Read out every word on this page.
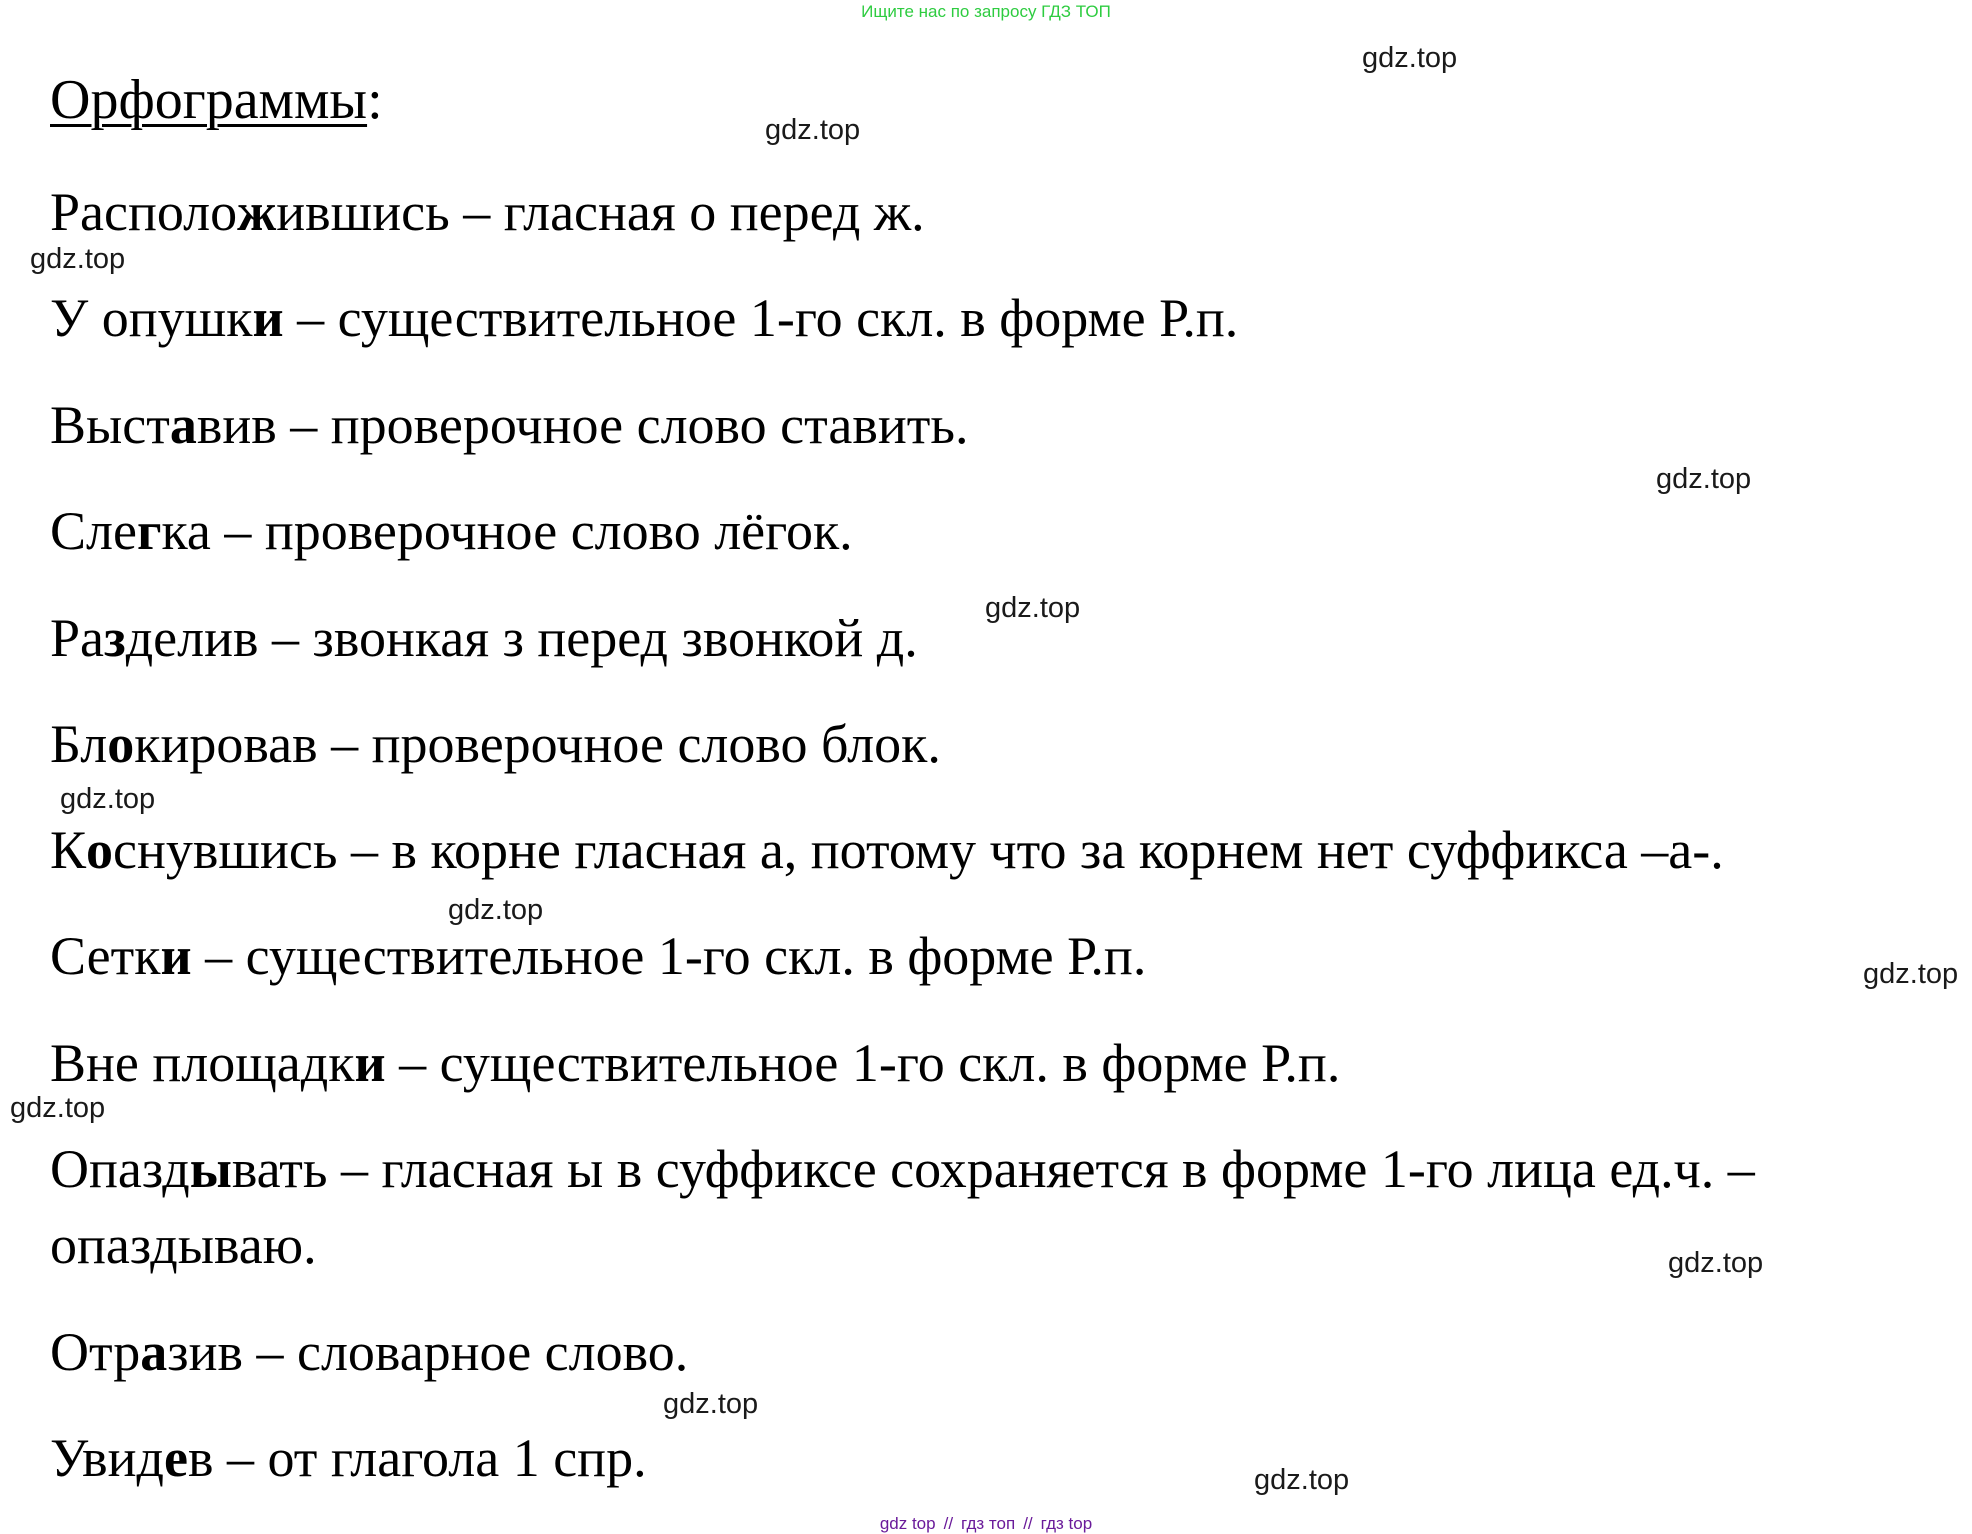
Ищите нас по запросу ГДЗ ТОП
Орфограммы:
Расположившись – гласная о перед ж.
У опушки – существительное 1-го скл. в форме Р.п.
Выставив – проверочное слово ставить.
Слегка – проверочное слово лёгок.
Разделив – звонкая з перед звонкой д.
Блокировав – проверочное слово блок.
Коснувшись – в корне гласная а, потому что за корнем нет суффикса –а-.
Сетки – существительное 1-го скл. в форме Р.п.
Вне площадки – существительное 1-го скл. в форме Р.п.
Опаздывать – гласная ы в суффиксе сохраняется в форме 1-го лица ед.ч. –
опаздываю.
Отразив – словарное слово.
Увидев – от глагола 1 спр.
gdz.top
gdz.top
gdz.top
gdz.top
gdz.top
gdz.top
gdz.top
gdz.top
gdz.top
gdz.top
gdz.top
gdz.top
gdz top // гдз топ // гдз top
